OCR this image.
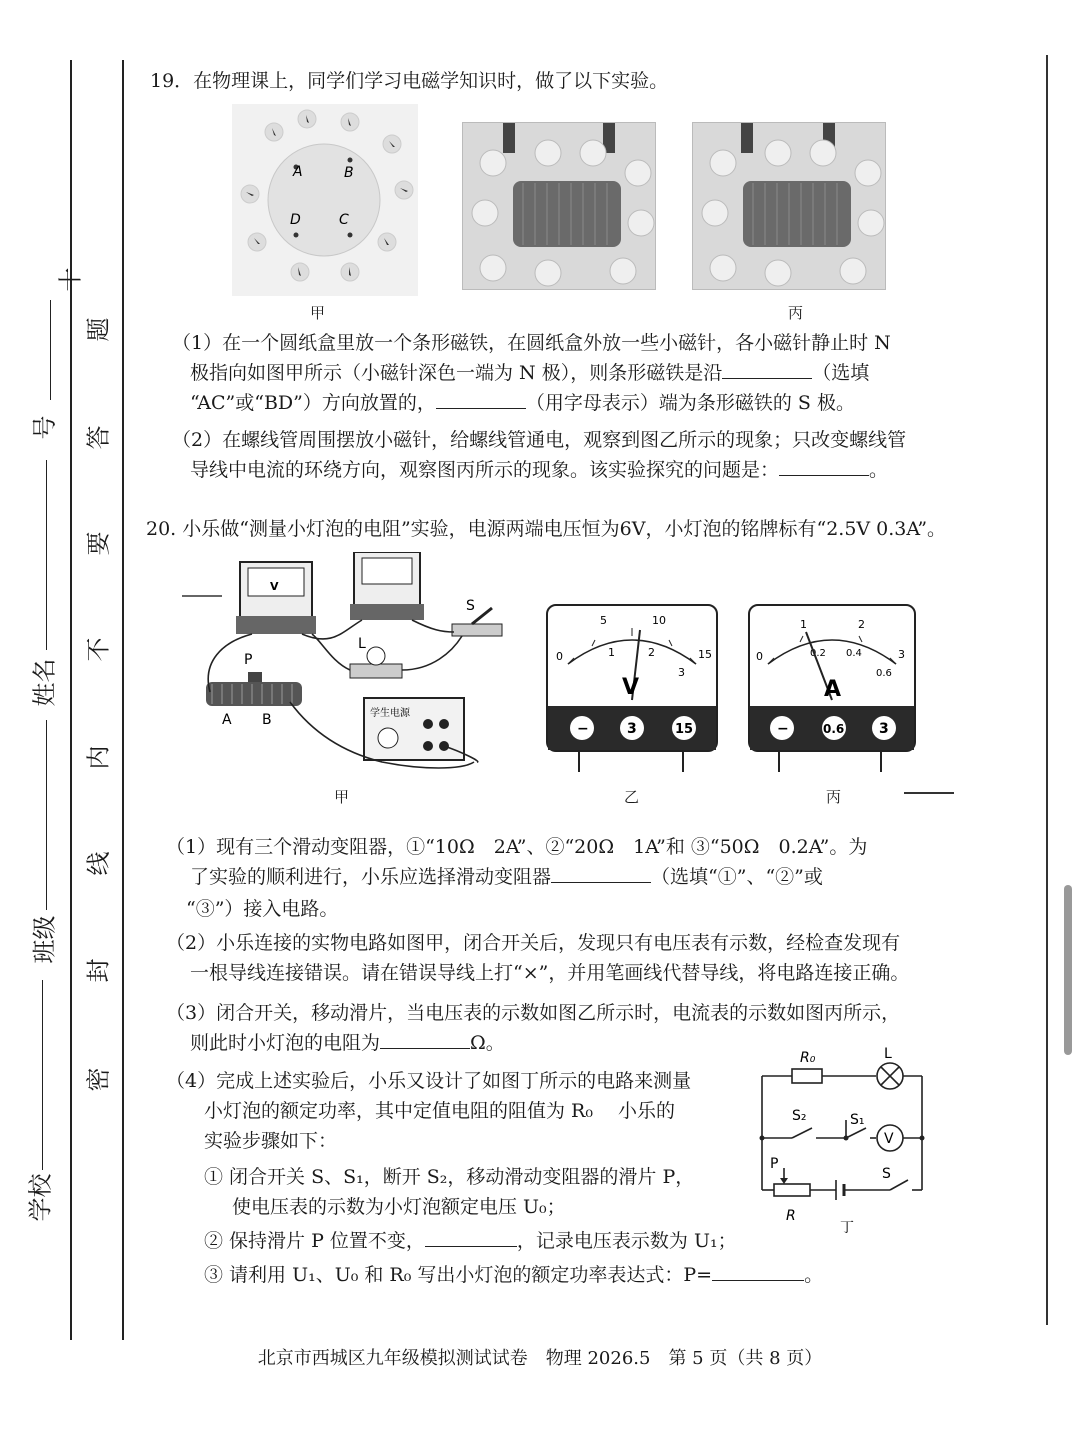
十
号
姓名
班级
学校
题
答
要
不
内
线
封
密
19．在物理课上，同学们学习电磁学知识时，做了以下实验。
A	B
C
D
甲	丙
（1）在一个圆纸盒里放一个条形磁铁，在圆纸盒外放一些小磁针，各小磁针静止时 N
极指向如图甲所示（小磁针深色一端为 N 极），则条形磁铁是沿	（选填
“AC”或“BD”）方向放置的，	（用字母表示）端为条形磁铁的 S 极。
（2）在螺线管周围摆放小磁针，给螺线管通电，观察到图乙所示的现象；只改变螺线管
导线中电流的环绕方向，观察图丙所示的现象。该实验探究的问题是：	。
20. 小乐做“测量小灯泡的电阻”实验，电源两端电压恒为6V，小灯泡的铭牌标有“2.5V 0.3A”。
V
S
L
P
A B	学生电源
甲
0
5	10
15
1	2
3
V
−	3	15
乙
0
1	2
3
0.2 0.4
0.6
A
−	0.6 3
丙
（1）现有三个滑动变阻器，①“10Ω　2A”、②“20Ω　1A”和 ③“50Ω　0.2A”。为
了实验的顺利进行，小乐应选择滑动变阻器	（选填“①”、“②”或
“③”）接入电路。
（2）小乐连接的实物电路如图甲，闭合开关后，发现只有电压表有示数，经检查发现有
一根导线连接错误。请在错误导线上打“×”，并用笔画线代替导线，将电路连接正确。
（3）闭合开关，移动滑片，当电压表的示数如图乙所示时，电流表的示数如图丙所示，
则此时小灯泡的电阻为	Ω。
（4）完成上述实验后，小乐又设计了如图丁所示的电路来测量
小灯泡的额定功率，其中定值电阻的阻值为 R₀ 　小乐的
实验步骤如下：
① 闭合开关 S、S₁，断开 S₂，移动滑动变阻器的滑片 P，
使电压表的示数为小灯泡额定电压 U₀；
② 保持滑片 P 位置不变，	，记录电压表示数为 U₁；
③ 请利用 U₁、U₀ 和 R₀ 写出小灯泡的额定功率表达式：P=	。
R₀	L
S₂	S₁
V
P
R
S
丁
北京市西城区九年级模拟测试试卷　物理 2026.5　第 5 页（共 8 页）
